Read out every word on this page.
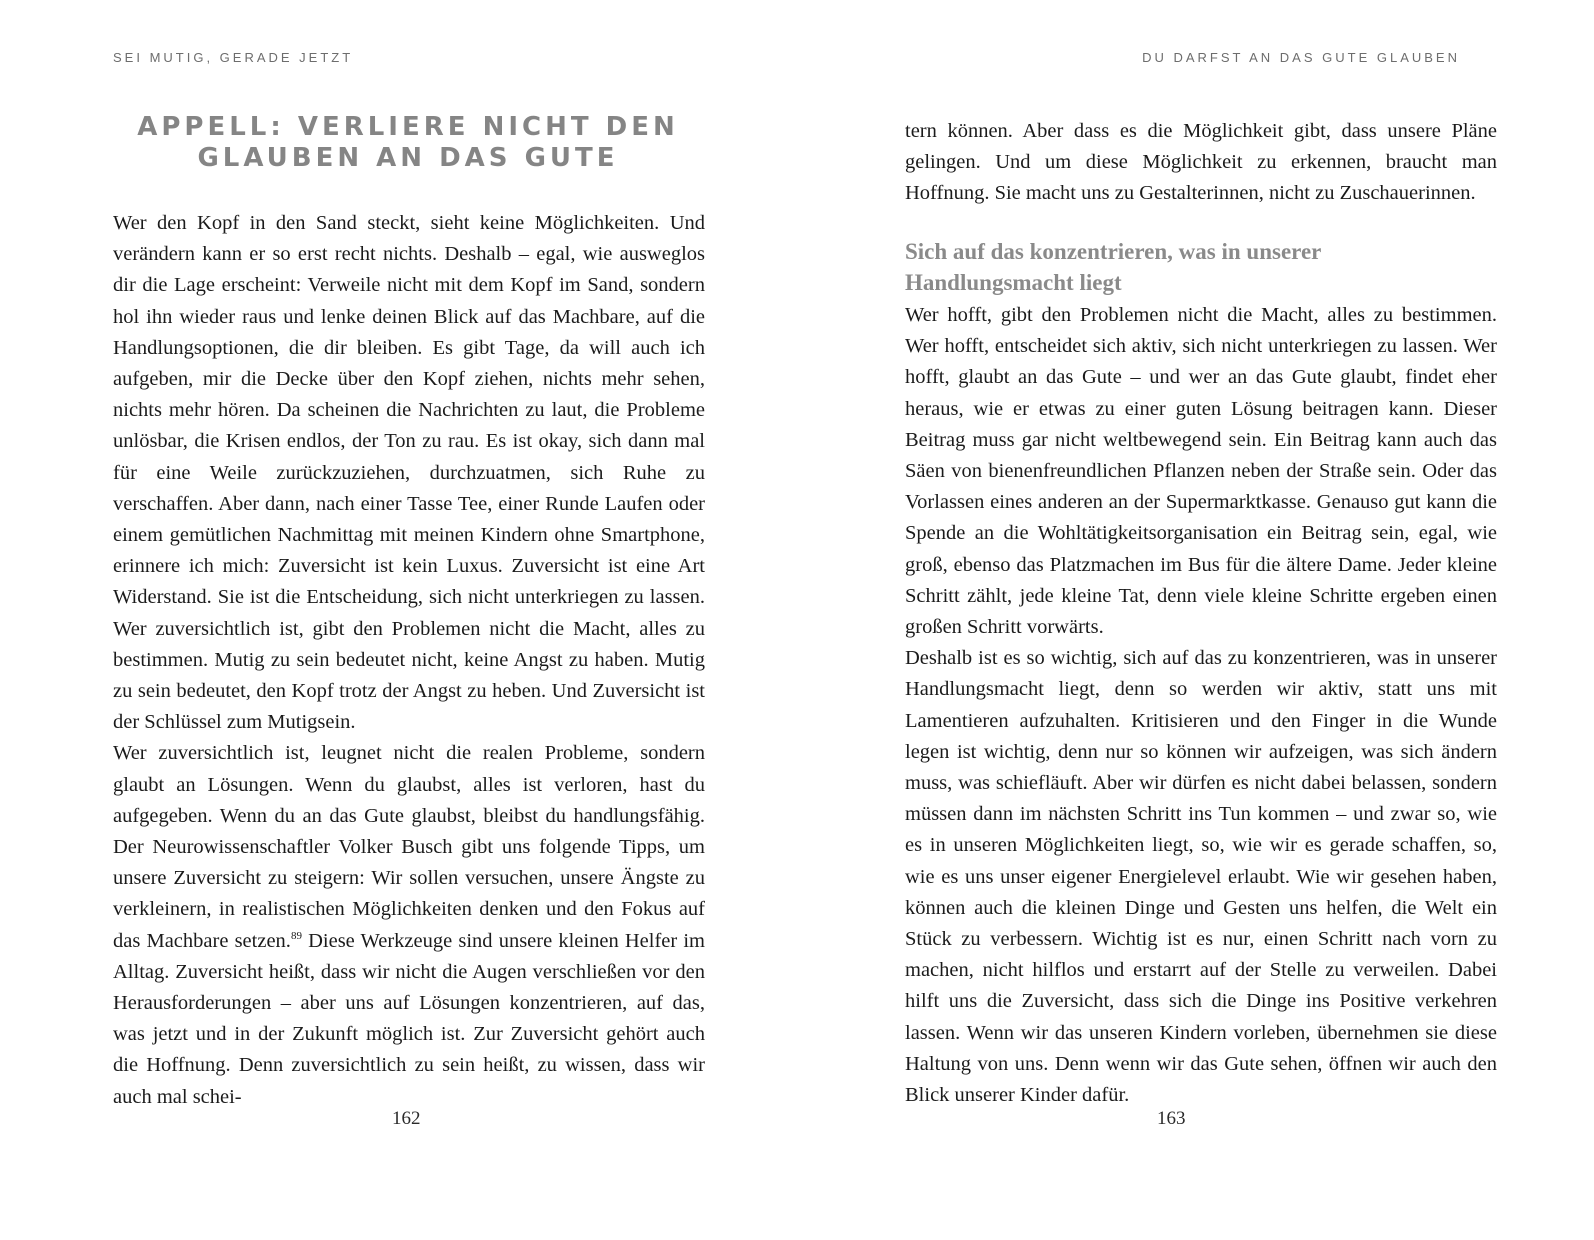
SEI MUTIG, GERADE JETZT
APPELL: VERLIERE NICHT DEN
GLAUBEN AN DAS GUTE

Wer den Kopf in den Sand steckt, sieht keine Möglichkeiten. Und verändern kann er so erst recht nichts. Deshalb – egal, wie ausweglos dir die Lage erscheint: Verweile nicht mit dem Kopf im Sand, sondern hol ihn wieder raus und lenke deinen Blick auf das Machbare, auf die Handlungsoptionen, die dir bleiben. Es gibt Tage, da will auch ich aufgeben, mir die Decke über den Kopf ziehen, nichts mehr sehen, nichts mehr hören. Da scheinen die Nachrichten zu laut, die Probleme unlösbar, die Krisen endlos, der Ton zu rau. Es ist okay, sich dann mal für eine Weile zurückzuziehen, durchzuatmen, sich Ruhe zu verschaffen. Aber dann, nach einer Tasse Tee, einer Runde Laufen oder einem gemütlichen Nachmittag mit meinen Kindern ohne Smartphone, erinnere ich mich: Zuversicht ist kein Luxus. Zuversicht ist eine Art Widerstand. Sie ist die Entscheidung, sich nicht unterkriegen zu lassen. Wer zuversichtlich ist, gibt den Problemen nicht die Macht, alles zu bestimmen. Mutig zu sein bedeutet nicht, keine Angst zu haben. Mutig zu sein bedeutet, den Kopf trotz der Angst zu heben. Und Zuversicht ist der Schlüssel zum Mutigsein.

Wer zuversichtlich ist, leugnet nicht die realen Probleme, sondern glaubt an Lösungen. Wenn du glaubst, alles ist verloren, hast du aufgegeben. Wenn du an das Gute glaubst, bleibst du handlungsfähig. Der Neurowissenschaftler Volker Busch gibt uns folgende Tipps, um unsere Zuversicht zu steigern: Wir sollen versuchen, unsere Ängste zu verkleinern, in realistischen Möglichkeiten denken und den Fokus auf das Machbare setzen.$^{89}$ Diese Werkzeuge sind unsere kleinen Helfer im Alltag. Zuversicht heißt, dass wir nicht die Augen verschließen vor den Herausforderungen – aber uns auf Lösungen konzentrieren, auf das, was jetzt und in der Zukunft möglich ist. Zur Zuversicht gehört auch die Hoffnung. Denn zuversichtlich zu sein heißt, zu wissen, dass wir auch mal schei-

162
DU DARFST AN DAS GUTE GLAUBEN

tern können. Aber dass es die Möglichkeit gibt, dass unsere Pläne gelingen. Und um diese Möglichkeit zu erkennen, braucht man Hoffnung. Sie macht uns zu Gestalterinnen, nicht zu Zuschauerinnen.

Sich auf das konzentrieren, was in unserer
Handlungsmacht liegt

Wer hofft, gibt den Problemen nicht die Macht, alles zu bestimmen. Wer hofft, entscheidet sich aktiv, sich nicht unterkriegen zu lassen. Wer hofft, glaubt an das Gute – und wer an das Gute glaubt, findet eher heraus, wie er etwas zu einer guten Lösung beitragen kann. Dieser Beitrag muss gar nicht weltbewegend sein. Ein Beitrag kann auch das Säen von bienenfreundlichen Pflanzen neben der Straße sein. Oder das Vorlassen eines anderen an der Supermarktkasse. Genauso gut kann die Spende an die Wohltätigkeitsorganisation ein Beitrag sein, egal, wie groß, ebenso das Platzmachen im Bus für die ältere Dame. Jeder kleine Schritt zählt, jede kleine Tat, denn viele kleine Schritte ergeben einen großen Schritt vorwärts.

Deshalb ist es so wichtig, sich auf das zu konzentrieren, was in unserer Handlungsmacht liegt, denn so werden wir aktiv, statt uns mit Lamentieren aufzuhalten. Kritisieren und den Finger in die Wunde legen ist wichtig, denn nur so können wir aufzeigen, was sich ändern muss, was schiefläuft. Aber wir dürfen es nicht dabei belassen, sondern müssen dann im nächsten Schritt ins Tun kommen – und zwar so, wie es in unseren Möglichkeiten liegt, so, wie wir es gerade schaffen, so, wie es uns unser eigener Energielevel erlaubt. Wie wir gesehen haben, können auch die kleinen Dinge und Gesten uns helfen, die Welt ein Stück zu verbessern. Wichtig ist es nur, einen Schritt nach vorn zu machen, nicht hilflos und erstarrt auf der Stelle zu verweilen. Dabei hilft uns die Zuversicht, dass sich die Dinge ins Positive verkehren lassen. Wenn wir das unseren Kindern vorleben, übernehmen sie diese Haltung von uns. Denn wenn wir das Gute sehen, öffnen wir auch den Blick unserer Kinder dafür.

163
